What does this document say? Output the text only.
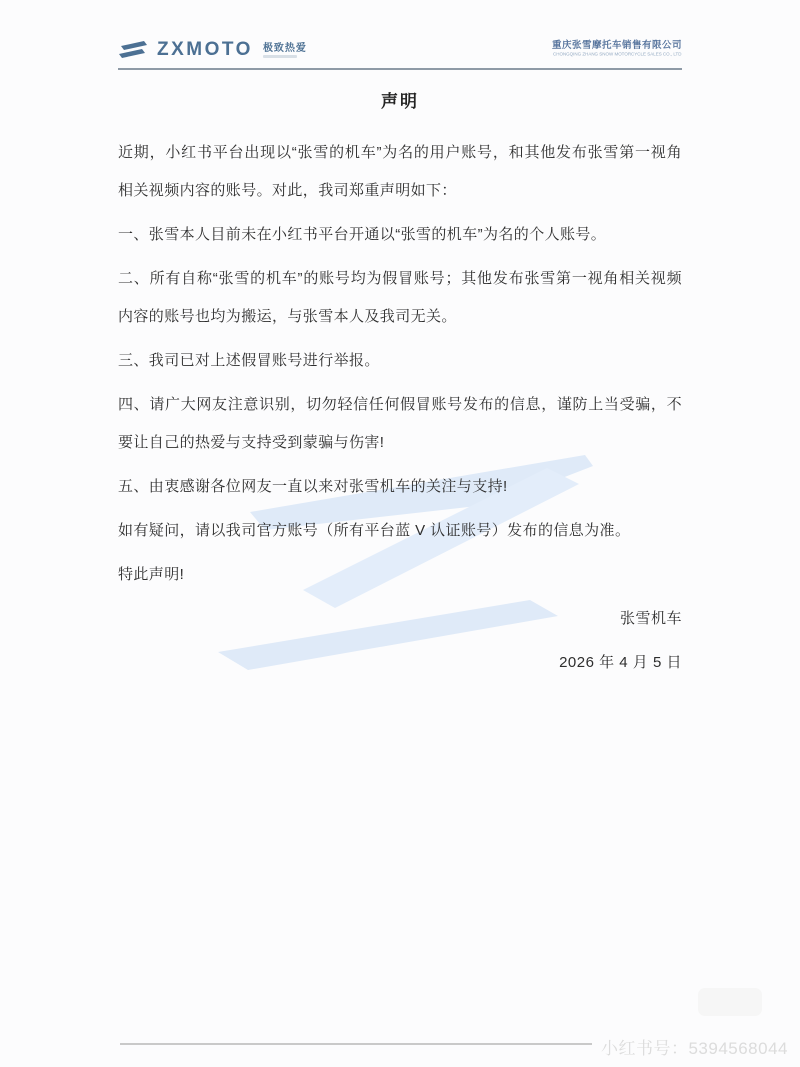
ZXMOTO 极致热爱	重庆张雪摩托车销售有限公司
CHONGQING ZHANG SNOW MOTORCYCLE SALES CO., LTD
声明

近期，小红书平台出现以“张雪的机车”为名的用户账号，和其他发布张雪第一视角相关视频内容的账号。对此，我司郑重声明如下：

一、张雪本人目前未在小红书平台开通以“张雪的机车”为名的个人账号。

二、所有自称“张雪的机车”的账号均为假冒账号；其他发布张雪第一视角相关视频内容的账号也均为搬运，与张雪本人及我司无关。

三、我司已对上述假冒账号进行举报。

四、请广大网友注意识别，切勿轻信任何假冒账号发布的信息，谨防上当受骗，不要让自己的热爱与支持受到蒙骗与伤害!

五、由衷感谢各位网友一直以来对张雪机车的关注与支持!

如有疑问，请以我司官方账号（所有平台蓝 V 认证账号）发布的信息为准。

特此声明!

张雪机车

2026 年 4 月 5 日

小红书号：5394568044
